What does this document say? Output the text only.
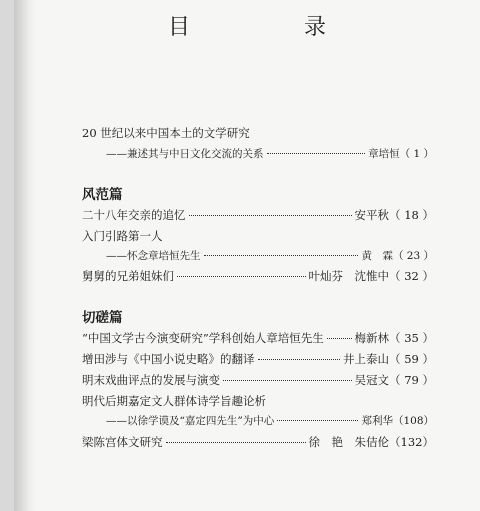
目　录
20 世纪以来中国本土的文学研究
——兼述其与中日文化交流的关系	章培恒 （ 1 ）
风范篇
二十八年交亲的追忆	安平秋 （ 18 ）
入门引路第一人
——怀念章培恒先生	黄　霖 （ 23 ）
舅舅的兄弟姐妹们	叶灿芬　沈惟中 （ 32 ）
切磋篇
“中国文学古今演变研究”学科创始人章培恒先生	梅新林 （ 35 ）
增田涉与《中国小说史略》的翻译	井上泰山 （ 59 ）
明末戏曲评点的发展与演变	吴冠文 （ 79 ）
明代后期嘉定文人群体诗学旨趣论析
——以徐学谟及“嘉定四先生”为中心	郑利华 （108）
梁陈宫体文研究	徐　艳　朱佶伦 （132）
